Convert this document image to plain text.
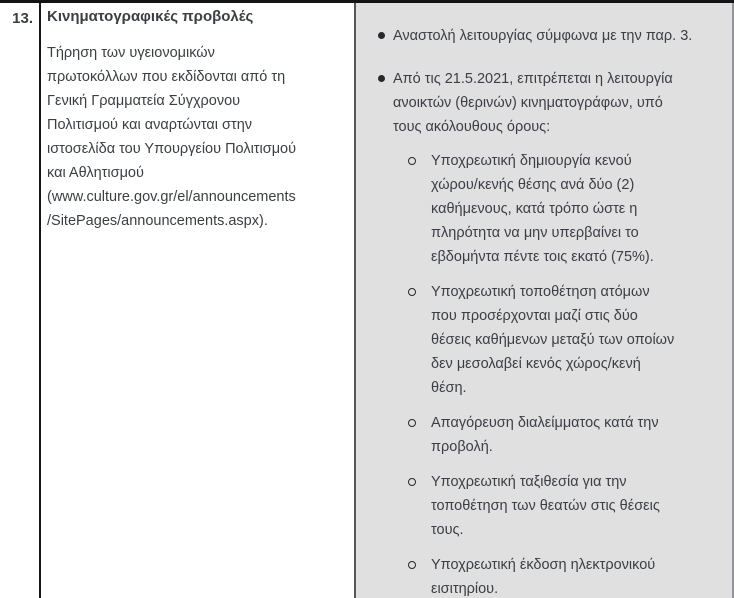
13. Κινηματογραφικές προβολές
Τήρηση των υγειονομικών
πρωτοκόλλων που εκδίδονται από τη
Γενική Γραμματεία Σύγχρονου
Πολιτισμού και αναρτώνται στην
ιστοσελίδα του Υπουργείου Πολιτισμού
και Αθλητισμού
(www.culture.gov.gr/el/announcements
/SitePages/announcements.aspx).
Αναστολή λειτουργίας σύμφωνα με την παρ. 3.
Από τις 21.5.2021, επιτρέπεται η λειτουργία
ανοικτών (θερινών) κινηματογράφων, υπό
τους ακόλουθους όρους:
Υποχρεωτική δημιουργία κενού
χώρου/κενής θέσης ανά δύο (2)
καθήμενους, κατά τρόπο ώστε η
πληρότητα να μην υπερβαίνει το
εβδομήντα πέντε τοις εκατό (75%).
Υποχρεωτική τοποθέτηση ατόμων
που προσέρχονται μαζί στις δύο
θέσεις καθήμενων μεταξύ των οποίων
δεν μεσολαβεί κενός χώρος/κενή
θέση.
Απαγόρευση διαλείμματος κατά την
προβολή.
Υποχρεωτική ταξιθεσία για την
τοποθέτηση των θεατών στις θέσεις
τους.
Υποχρεωτική έκδοση ηλεκτρονικού
εισιτηρίου.
